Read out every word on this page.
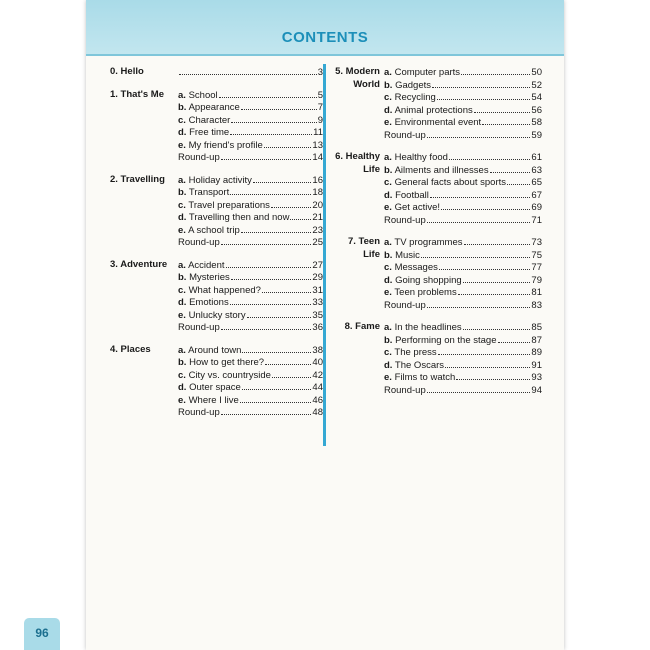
CONTENTS
0. Hello	3
1. That's Me	a. School	5
b. Appearance	7
c. Character	9
d. Free time	11
e. My friend's profile	13
Round-up	14
2. Travelling	a. Holiday activity	16
b. Transport	18
c. Travel preparations	20
d. Travelling then and now 21
e. A school trip	23
Round-up	25
3. Adventure	a. Accident	27
b. Mysteries	29
c. What happened?	31
d. Emotions	33
e. Unlucky story	35
Round-up	36
4. Places	a. Around town	38
b. How to get there?	40
c. City vs. countryside	42
d. Outer space	44
e. Where I live	46
Round-up	48
5. Modern World
a. Computer parts	50
b. Gadgets	52
c. Recycling	54
d. Animal protections	56
e. Environmental event	58
Round-up	59
6. Healthy Life
a. Healthy food	61
b. Ailments and illnesses	63
c. General facts about sports	65
d. Football	67
e. Get active!	69
Round-up	71
7. Teen Life
a. TV programmes	73
b. Music	75
c. Messages	77
d. Going shopping	79
e. Teen problems	81
Round-up	83
8. Fame a. In the headlines	85
b. Performing on the stage	87
c. The press	89
d. The Oscars	91
e. Films to watch	93
Round-up	94
96
